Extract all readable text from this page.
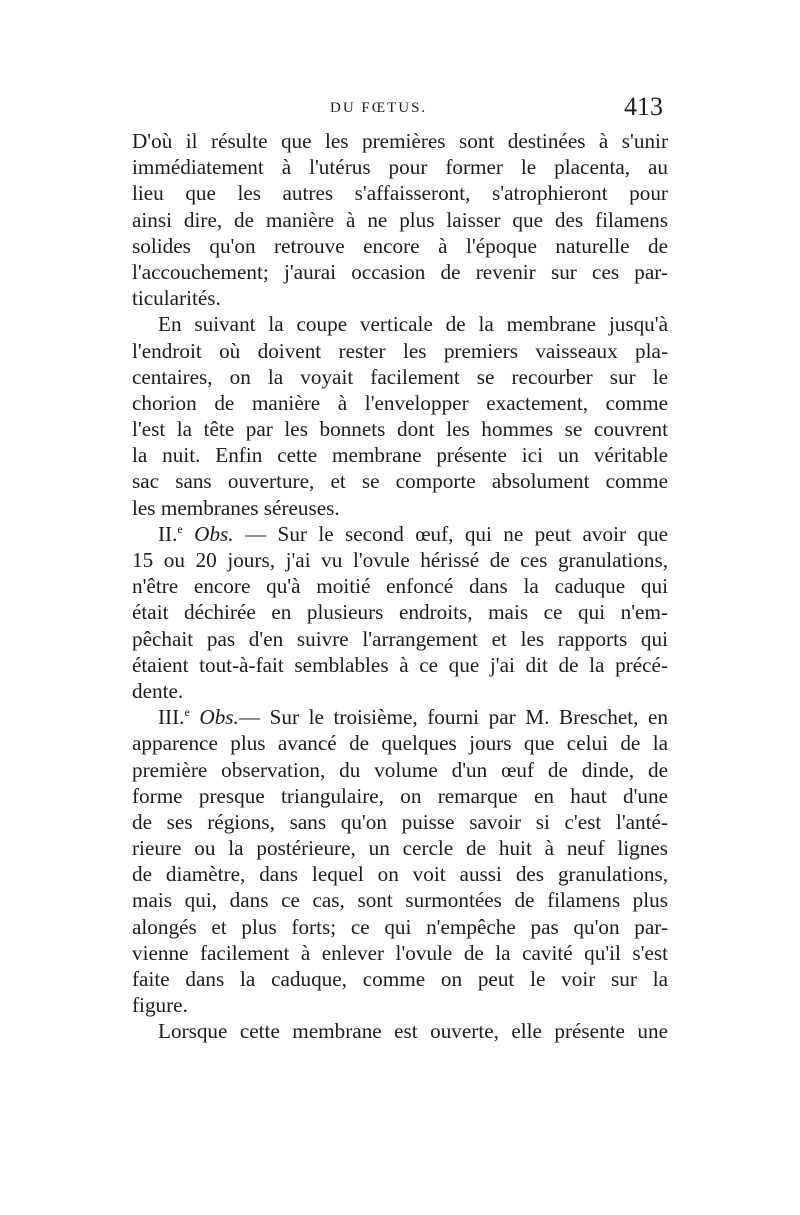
DU FŒTUS.	413
D'où il résulte que les premières sont destinées à s'unir
immédiatement à l'utérus pour former le placenta, au
lieu que les autres s'affaisseront, s'atrophieront pour
ainsi dire, de manière à ne plus laisser que des filamens
solides qu'on retrouve encore à l'époque naturelle de
l'accouchement; j'aurai occasion de revenir sur ces par-
ticularités.
En suivant la coupe verticale de la membrane jusqu'à
l'endroit où doivent rester les premiers vaisseaux pla-
centaires, on la voyait facilement se recourber sur le
chorion de manière à l'envelopper exactement, comme
l'est la tête par les bonnets dont les hommes se couvrent
la nuit. Enfin cette membrane présente ici un véritable
sac sans ouverture, et se comporte absolument comme
les membranes séreuses.
II.$^e$ Obs. — Sur le second œuf, qui ne peut avoir que
15 ou 20 jours, j'ai vu l'ovule hérissé de ces granulations,
n'être encore qu'à moitié enfoncé dans la caduque qui
était déchirée en plusieurs endroits, mais ce qui n'em-
pêchait pas d'en suivre l'arrangement et les rapports qui
étaient tout-à-fait semblables à ce que j'ai dit de la précé-
dente.
III.$^e$ Obs.— Sur le troisième, fourni par M. Breschet, en
apparence plus avancé de quelques jours que celui de la
première observation, du volume d'un œuf de dinde, de
forme presque triangulaire, on remarque en haut d'une
de ses régions, sans qu'on puisse savoir si c'est l'anté-
rieure ou la postérieure, un cercle de huit à neuf lignes
de diamètre, dans lequel on voit aussi des granulations,
mais qui, dans ce cas, sont surmontées de filamens plus
alongés et plus forts; ce qui n'empêche pas qu'on par-
vienne facilement à enlever l'ovule de la cavité qu'il s'est
faite dans la caduque, comme on peut le voir sur la
figure.
Lorsque cette membrane est ouverte, elle présente une
